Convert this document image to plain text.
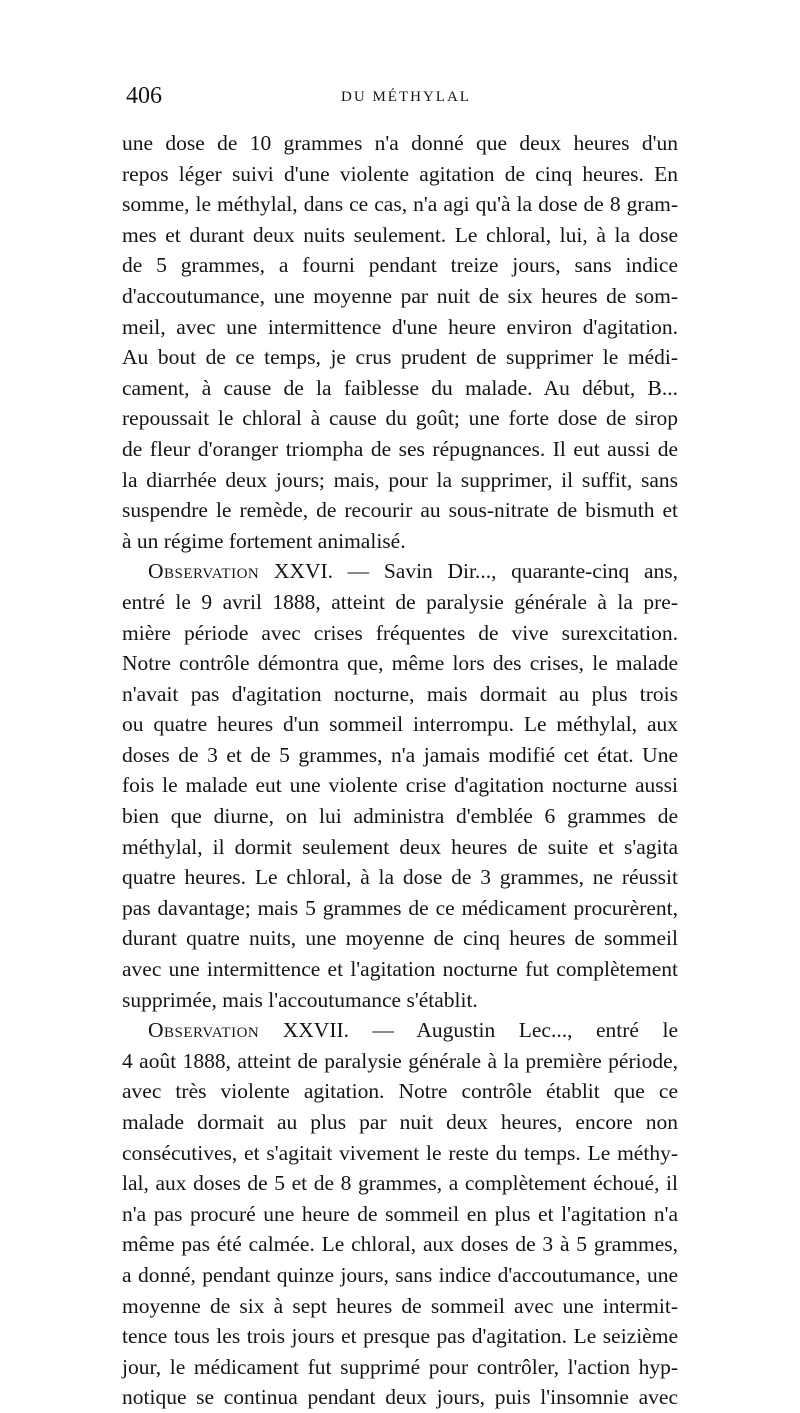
406	DU MÉTHYLAL
une dose de 10 grammes n'a donné que deux heures d'un
repos léger suivi d'une violente agitation de cinq heures. En
somme, le méthylal, dans ce cas, n'a agi qu'à la dose de 8 gram-
mes et durant deux nuits seulement. Le chloral, lui, à la dose
de 5 grammes, a fourni pendant treize jours, sans indice
d'accoutumance, une moyenne par nuit de six heures de som-
meil, avec une intermittence d'une heure environ d'agitation.
Au bout de ce temps, je crus prudent de supprimer le médi-
cament, à cause de la faiblesse du malade. Au début, B...
repoussait le chloral à cause du goût; une forte dose de sirop
de fleur d'oranger triompha de ses répugnances. Il eut aussi de
la diarrhée deux jours; mais, pour la supprimer, il suffit, sans
suspendre le remède, de recourir au sous-nitrate de bismuth et
à un régime fortement animalisé.
Observation XXVI. — Savin Dir..., quarante-cinq ans,
entré le 9 avril 1888, atteint de paralysie générale à la pre-
mière période avec crises fréquentes de vive surexcitation.
Notre contrôle démontra que, même lors des crises, le malade
n'avait pas d'agitation nocturne, mais dormait au plus trois
ou quatre heures d'un sommeil interrompu. Le méthylal, aux
doses de 3 et de 5 grammes, n'a jamais modifié cet état. Une
fois le malade eut une violente crise d'agitation nocturne aussi
bien que diurne, on lui administra d'emblée 6 grammes de
méthylal, il dormit seulement deux heures de suite et s'agita
quatre heures. Le chloral, à la dose de 3 grammes, ne réussit
pas davantage; mais 5 grammes de ce médicament procurèrent,
durant quatre nuits, une moyenne de cinq heures de sommeil
avec une intermittence et l'agitation nocturne fut complètement
supprimée, mais l'accoutumance s'établit.
Observation XXVII. — Augustin Lec..., entré le
4 août 1888, atteint de paralysie générale à la première période,
avec très violente agitation. Notre contrôle établit que ce
malade dormait au plus par nuit deux heures, encore non
consécutives, et s'agitait vivement le reste du temps. Le méthy-
lal, aux doses de 5 et de 8 grammes, a complètement échoué, il
n'a pas procuré une heure de sommeil en plus et l'agitation n'a
même pas été calmée. Le chloral, aux doses de 3 à 5 grammes,
a donné, pendant quinze jours, sans indice d'accoutumance, une
moyenne de six à sept heures de sommeil avec une intermit-
tence tous les trois jours et presque pas d'agitation. Le seizième
jour, le médicament fut supprimé pour contrôler, l'action hyp-
notique se continua pendant deux jours, puis l'insomnie avec
